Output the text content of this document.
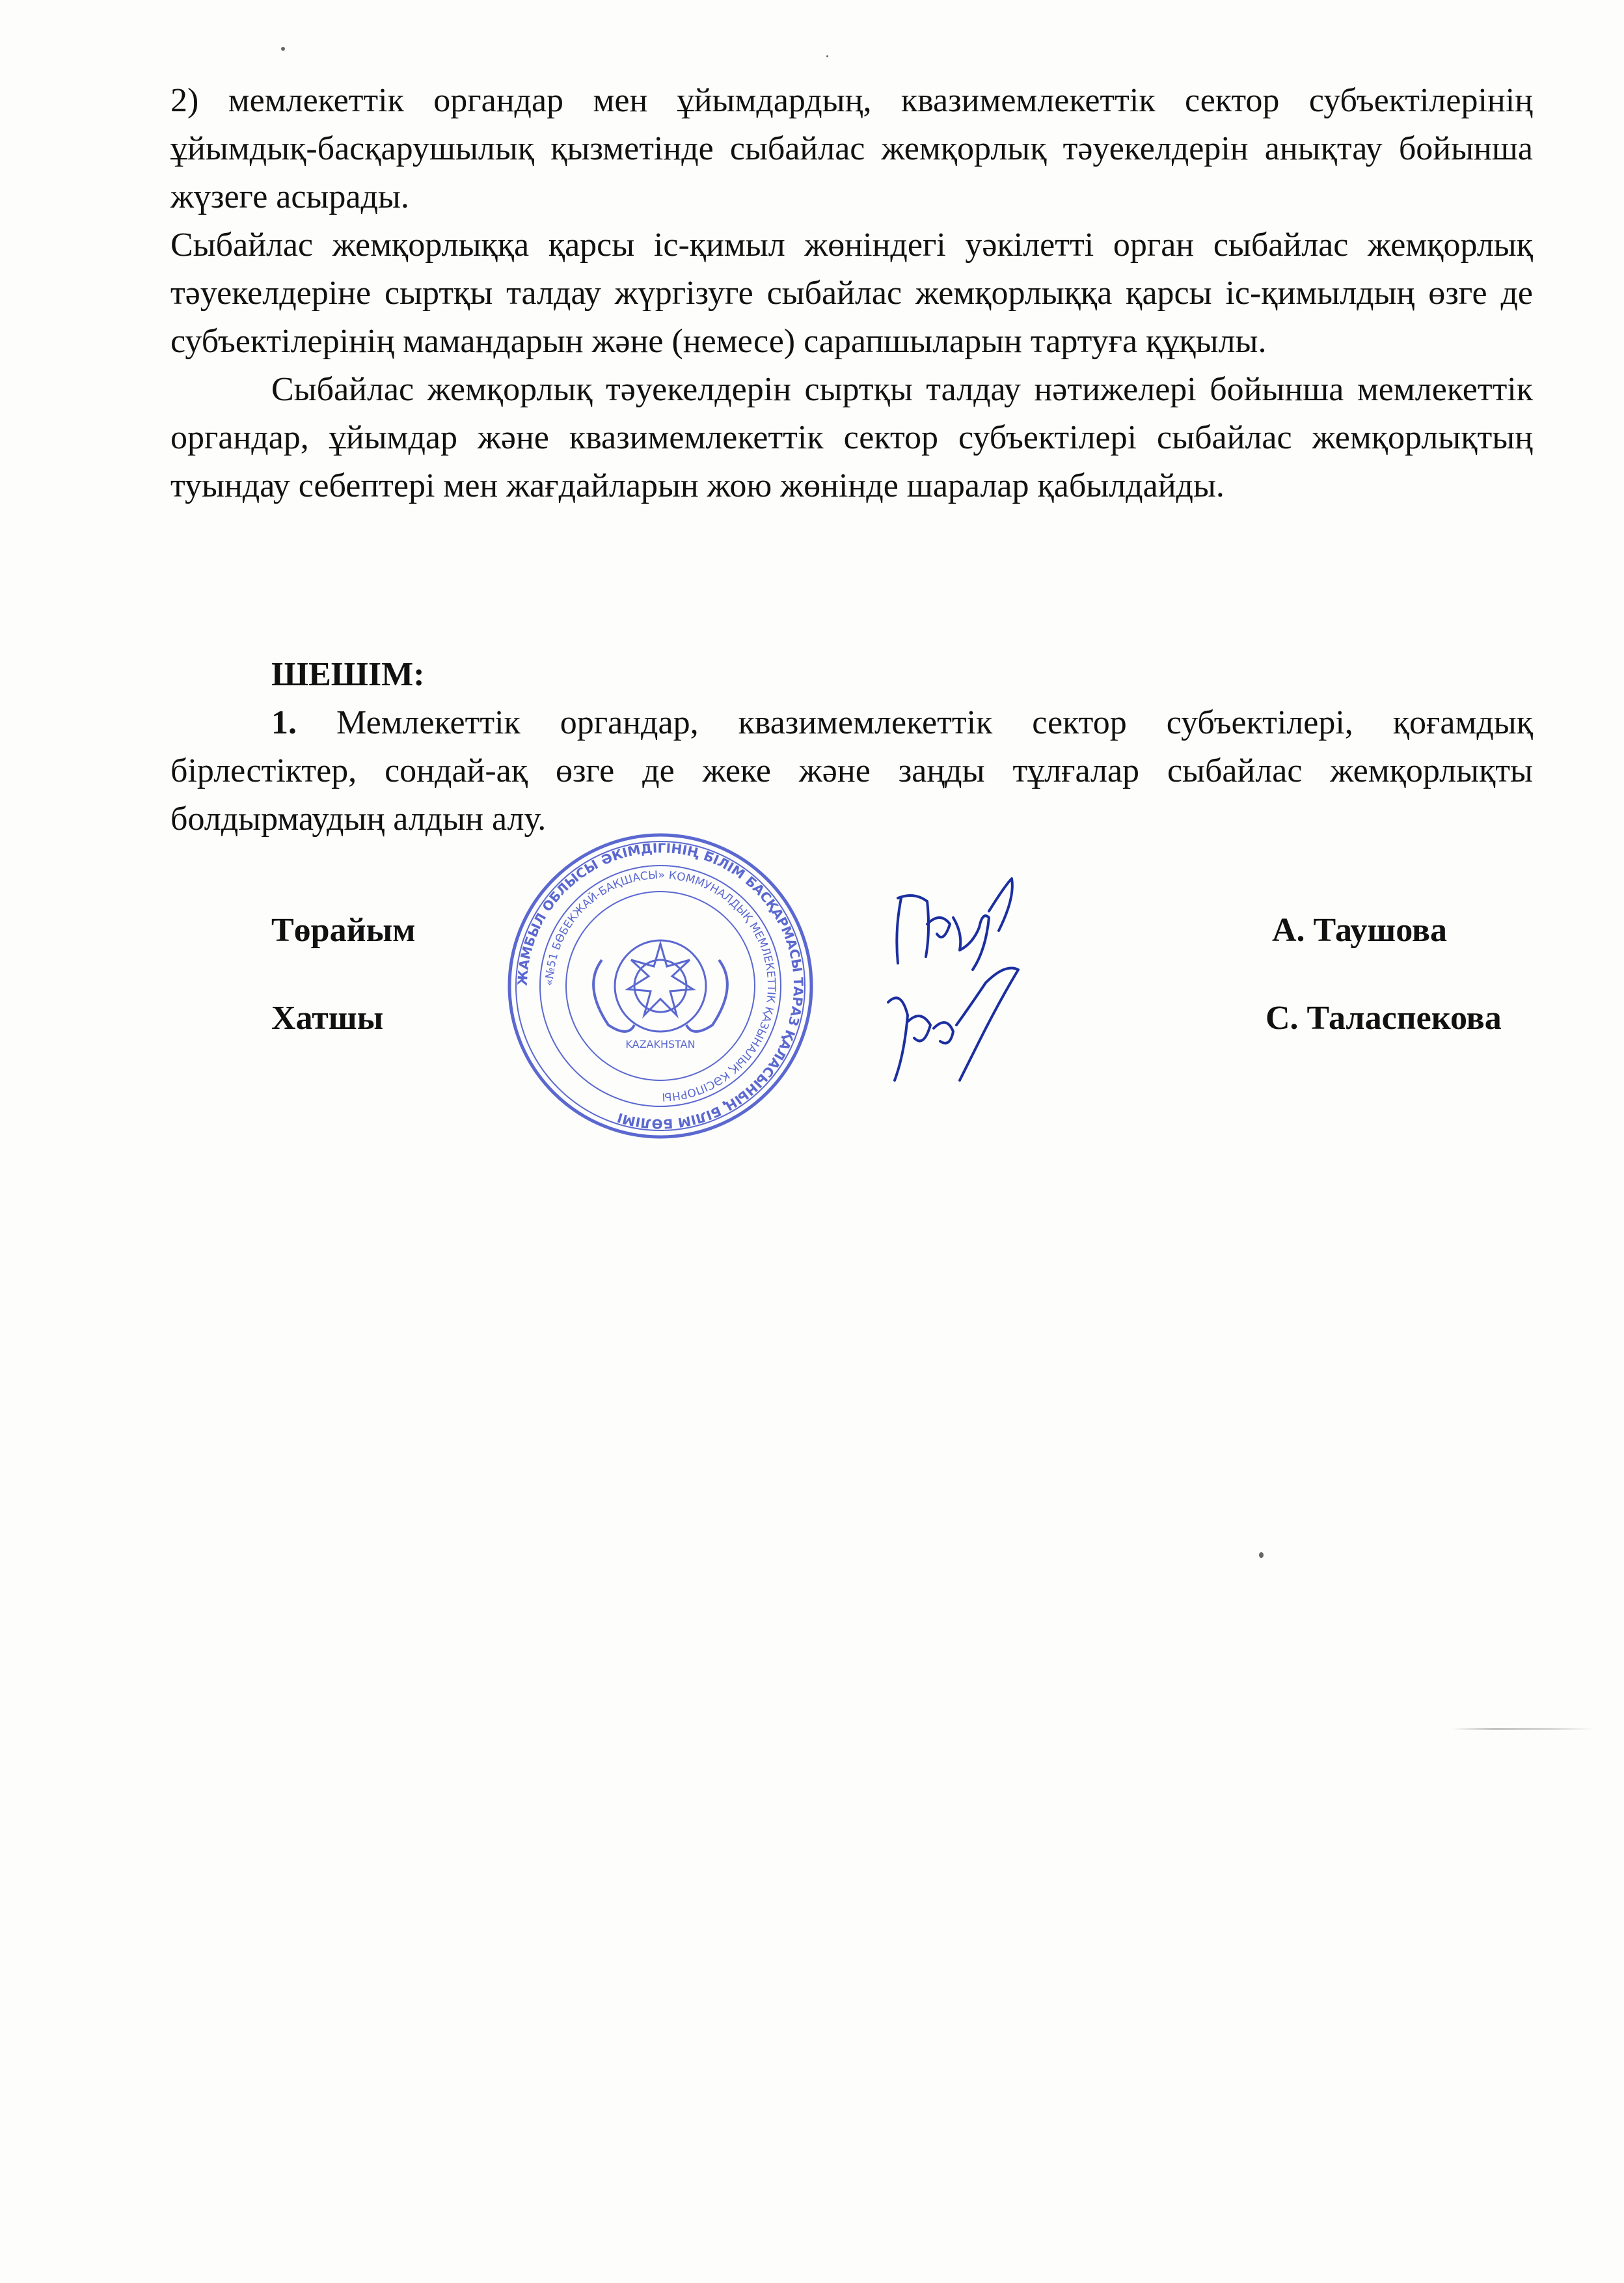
2) мемлекеттік органдар мен ұйымдардың, квазимемлекеттік сектор субъектілерінің ұйымдық-басқарушылық қызметінде сыбайлас жемқорлық тәуекелдерін анықтау бойынша жүзеге асырады.

Сыбайлас жемқорлыққа қарсы іс-қимыл жөніндегі уәкілетті орган сыбайлас жемқорлық тәуекелдеріне сыртқы талдау жүргізуге сыбайлас жемқорлыққа қарсы іс-қимылдың өзге де субъектілерінің мамандарын және (немесе) сарапшыларын тартуға құқылы.

Сыбайлас жемқорлық тәуекелдерін сыртқы талдау нәтижелері бойынша мемлекеттік органдар, ұйымдар және квазимемлекеттік сектор субъектілері сыбайлас жемқорлықтың туындау себептері мен жағдайларын жою жөнінде шаралар қабылдайды.

ШЕШІМ:

1. Мемлекеттік органдар, квазимемлекеттік сектор субъектілері, қоғамдық бірлестіктер, сондай-ақ өзге де жеке және заңды тұлғалар сыбайлас жемқорлықты болдырмаудың алдын алу.

Төрайым	А. Таушова
Хатшы	С. Таласпекова
ЖАМБЫЛ ОБЛЫСЫ ӘКІМДІГІНІҢ БІЛІМ БАСҚАРМАСЫ ТАРАЗ ҚАЛАСЫНЫҢ БІЛІМ БӨЛІМІ
«№51 БӨБЕКЖАЙ-БАҚШАСЫ» КОММУНАЛДЫҚ МЕМЛЕКЕТТІК ҚАЗЫНАЛЫҚ КӘСІПОРНЫ
KAZAKHSTAN
